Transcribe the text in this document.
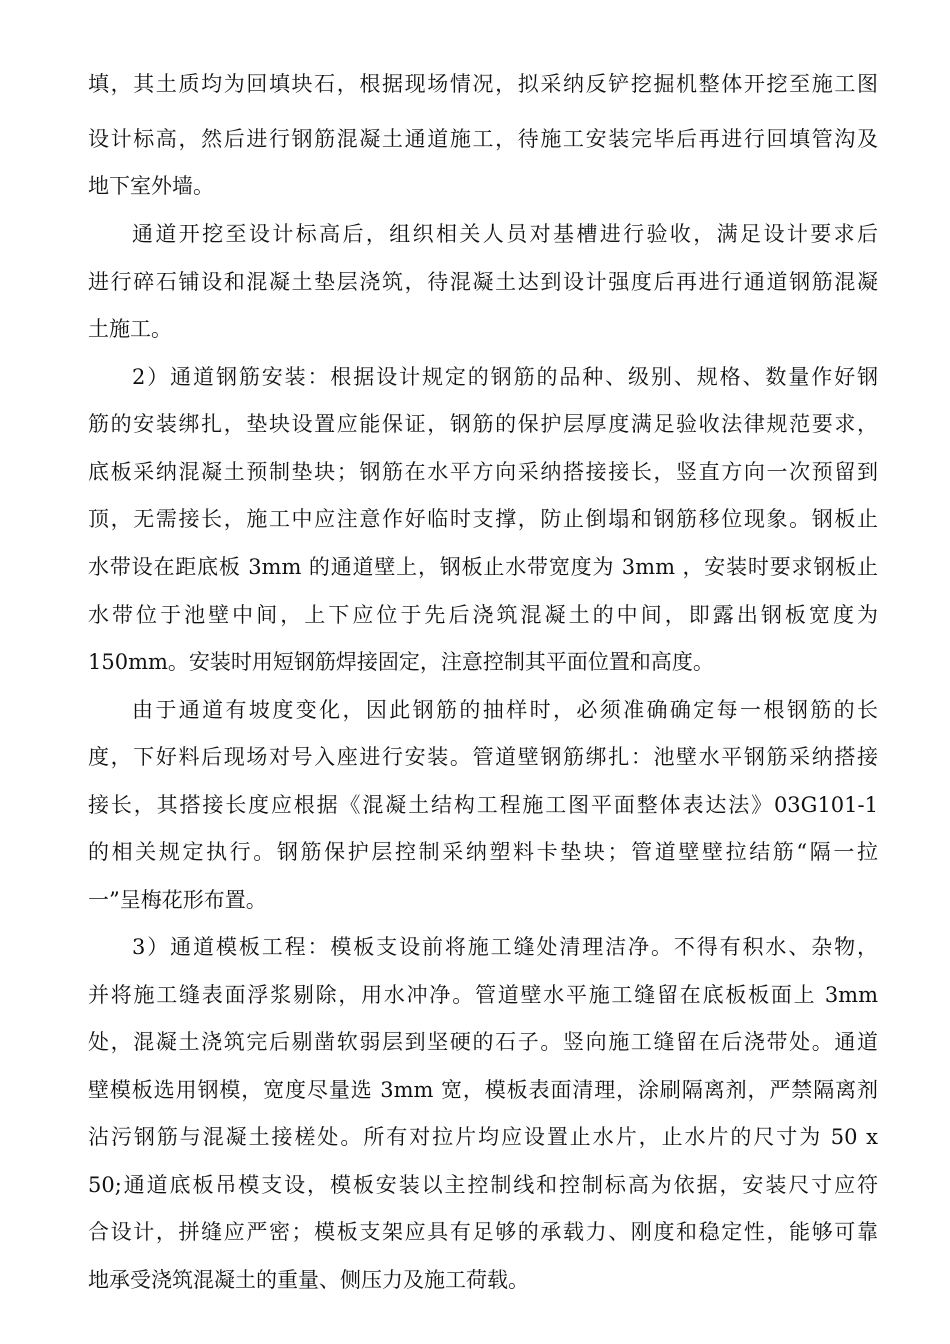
填，其土质均为回填块石，根据现场情况，拟采纳反铲挖掘机整体开挖至施工图
设计标高，然后进行钢筋混凝土通道施工，待施工安装完毕后再进行回填管沟及
地下室外墙。
通道开挖至设计标高后，组织相关人员对基槽进行验收，满足设计要求后
进行碎石铺设和混凝土垫层浇筑，待混凝土达到设计强度后再进行通道钢筋混凝
土施工。
2）通道钢筋安装：根据设计规定的钢筋的品种、级别、规格、数量作好钢
筋的安装绑扎，垫块设置应能保证，钢筋的保护层厚度满足验收法律规范要求，
底板采纳混凝土预制垫块；钢筋在水平方向采纳搭接接长，竖直方向一次预留到
顶，无需接长，施工中应注意作好临时支撑，防止倒塌和钢筋移位现象。钢板止
水带设在距底板 3mm 的通道壁上，钢板止水带宽度为 3mm ，安装时要求钢板止
水带位于池壁中间，上下应位于先后浇筑混凝土的中间，即露出钢板宽度为
150mm。安装时用短钢筋焊接固定，注意控制其平面位置和高度。
由于通道有坡度变化，因此钢筋的抽样时，必须准确确定每一根钢筋的长
度，下好料后现场对号入座进行安装。管道壁钢筋绑扎：池壁水平钢筋采纳搭接
接长，其搭接长度应根据《混凝土结构工程施工图平面整体表达法》03G101-1
的相关规定执行。钢筋保护层控制采纳塑料卡垫块；管道壁壁拉结筋“隔一拉
一”呈梅花形布置。
3）通道模板工程：模板支设前将施工缝处清理洁净。不得有积水、杂物，
并将施工缝表面浮浆剔除，用水冲净。管道壁水平施工缝留在底板板面上 3mm
处，混凝土浇筑完后剔凿软弱层到坚硬的石子。竖向施工缝留在后浇带处。通道
壁模板选用钢模，宽度尽量选 3mm 宽，模板表面清理，涂刷隔离剂，严禁隔离剂
沾污钢筋与混凝土接槎处。所有对拉片均应设置止水片，止水片的尺寸为 50 x
50;通道底板吊模支设，模板安装以主控制线和控制标高为依据，安装尺寸应符
合设计，拼缝应严密；模板支架应具有足够的承载力、刚度和稳定性，能够可靠
地承受浇筑混凝土的重量、侧压力及施工荷载。
